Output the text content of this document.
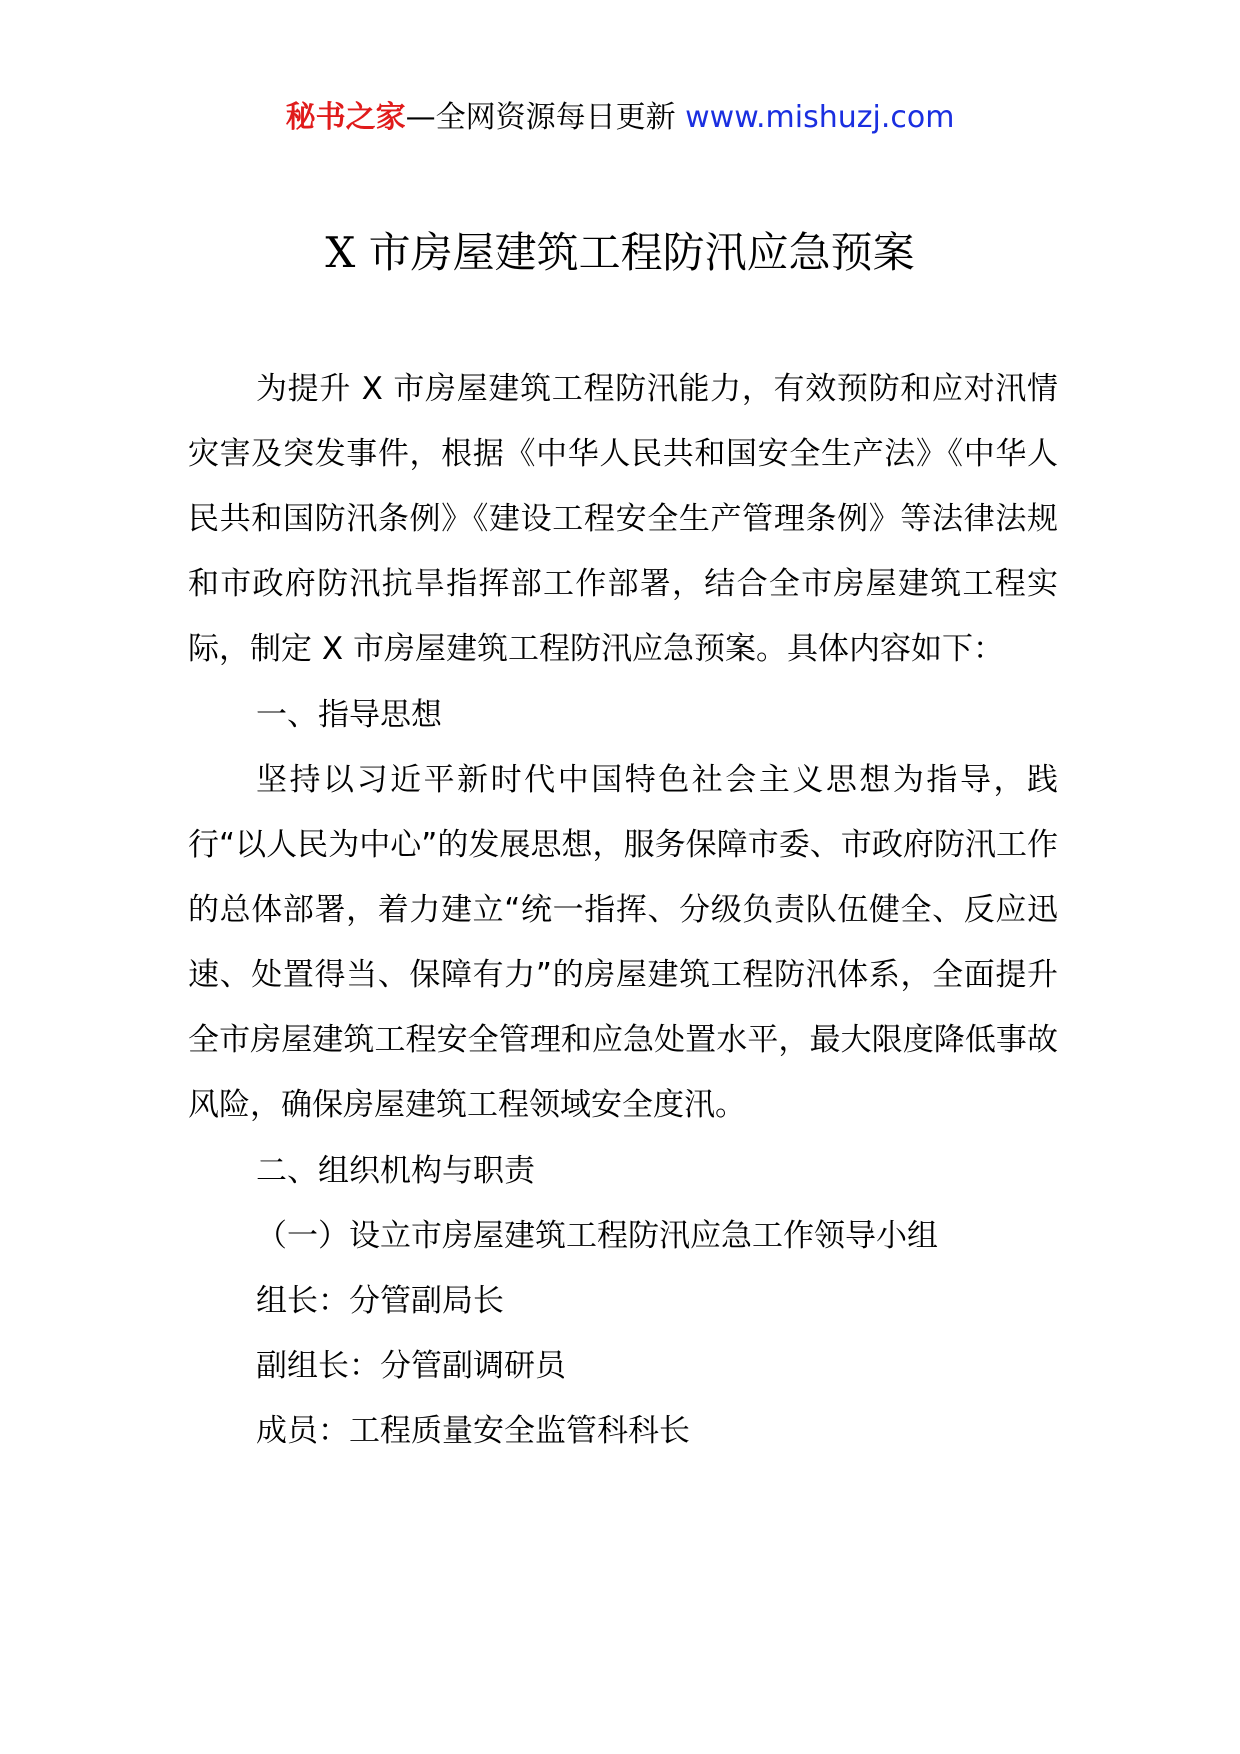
秘书之家—全网资源每日更新 www.mishuzj.com
X 市房屋建筑工程防汛应急预案

为提升 X 市房屋建筑工程防汛能力，有效预防和应对汛情灾害及突发事件，根据《中华人民共和国安全生产法》《中华人民共和国防汛条例》《建设工程安全生产管理条例》等法律法规和市政府防汛抗旱指挥部工作部署，结合全市房屋建筑工程实际，制定 X 市房屋建筑工程防汛应急预案。具体内容如下：

一、指导思想

坚持以习近平新时代中国特色社会主义思想为指导，践行“以人民为中心”的发展思想，服务保障市委、市政府防汛工作的总体部署，着力建立“统一指挥、分级负责队伍健全、反应迅速、处置得当、保障有力”的房屋建筑工程防汛体系，全面提升全市房屋建筑工程安全管理和应急处置水平，最大限度降低事故风险，确保房屋建筑工程领域安全度汛。

二、组织机构与职责

（一）设立市房屋建筑工程防汛应急工作领导小组

组长：分管副局长

副组长：分管副调研员

成员：工程质量安全监管科科长
